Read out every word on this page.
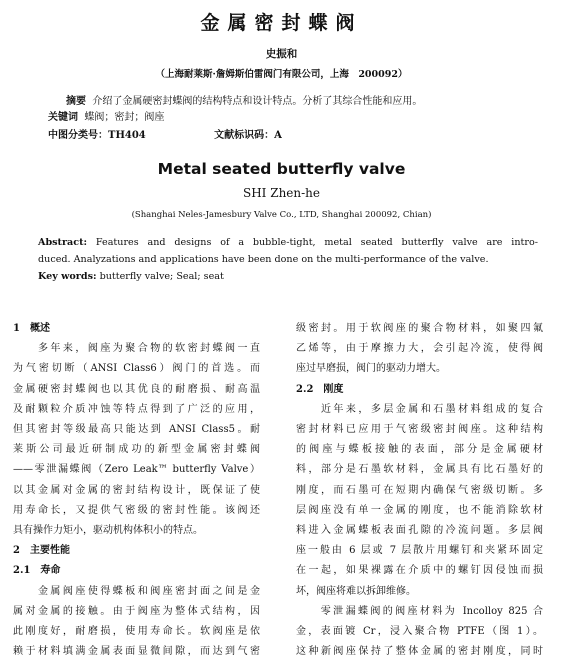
金属密封蝶阀
史振和
（上海耐莱斯·詹姆斯伯雷阀门有限公司，上海　200092）
摘要 介绍了金属硬密封蝶阀的结构特点和设计特点。分析了其综合性能和应用。
关键词 蝶阀；密封；阀座
中图分类号：TH404	文献标识码：A
Metal seated butterfly valve
SHI Zhen-he
(Shanghai Neles-Jamesbury Valve Co., LTD, Shanghai 200092, Chian)
Abstract: Features and designs of a bubble-tight, metal seated butterfly valve are intro-
duced. Analyzations and applications have been done on the multi-performance of the valve.
Key words: butterfly valve; Seal; seat

1　概述

　　多年来，阀座为聚合物的软密封蝶阀一直

为气密切断（ANSI Class6）阀门的首选。而

金属硬密封蝶阀也以其优良的耐磨损、耐高温

及耐颗粒介质冲蚀等特点得到了广泛的应用，

但其密封等级最高只能达到 ANSI Class5。耐

莱斯公司最近研制成功的新型金属密封蝶阀

——零泄漏蝶阀（Zero Leak™ butterfly Valve）

以其金属对金属的密封结构设计，既保证了使

用寿命长，又提供气密级的密封性能。该阀还

具有操作力矩小，驱动机构体积小的特点。

2　主要性能

2.1　寿命

　　金属阀座使得蝶板和阀座密封面之间是金

属对金属的接触。由于阀座为整体式结构，因

此刚度好，耐磨损，使用寿命长。软阀座是依

赖于材料填满金属表面显微间隙，而达到气密

级密封。用于软阀座的聚合物材料，如聚四氟

乙烯等，由于摩擦力大，会引起冷流，使得阀

座过早磨损，阀门的驱动力增大。

2.2　刚度

　　近年来，多层金属和石墨材料组成的复合

密封材料已应用于气密级密封阀座。这种结构

的阀座与蝶板接触的表面，部分是金属硬材

料，部分是石墨软材料，金属具有比石墨好的

刚度，而石墨可在短期内确保气密级切断。多

层阀座没有单一金属的刚度，也不能消除软材

料进入金属蝶板表面孔隙的冷流问题。多层阀

座一般由 6 层或 7 层散片用螺钉和夹紧环固定

在一起，如果裸露在介质中的螺钉因侵蚀而损

坏，阀座将难以拆卸维修。

　　零泄漏蝶阀的阀座材料为 Incolloy 825 合

金，表面镀 Cr，浸入聚合物 PTFE（图 1）。

这种新阀座保持了整体金属的密封刚度，同时
